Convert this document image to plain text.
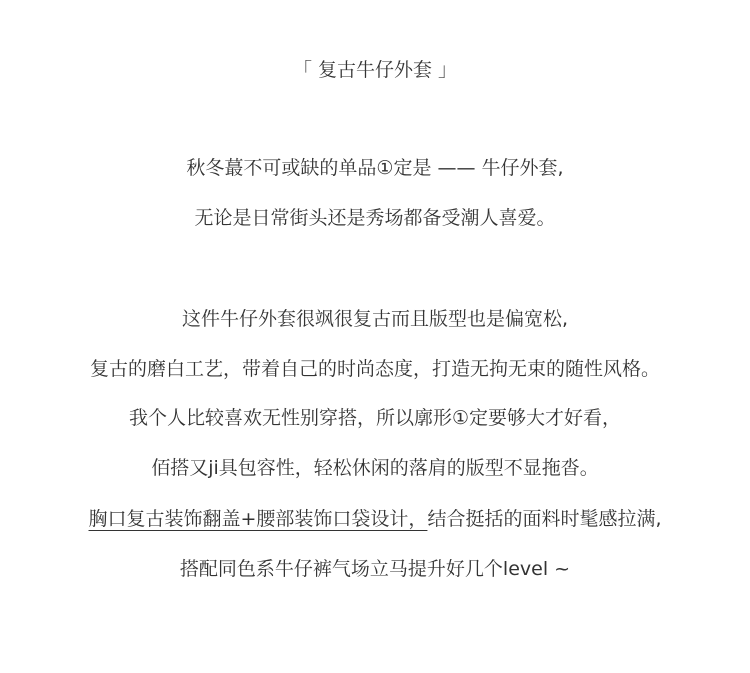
「 复古牛仔外套 」
秋冬蕞不可或缺的单品①定是 —— 牛仔外套,
无论是日常街头还是秀场都备受潮人喜爱。
这件牛仔外套很飒很复古而且版型也是偏宽松,
复古的磨白工艺，带着自己的时尚态度，打造无拘无束的随性风格。
我个人比较喜欢无性别穿搭，所以廓形①定要够大才好看，
佰搭又ji具包容性，轻松休闲的落肩的版型不显拖沓。
胸口复古装饰翻盖+腰部装饰口袋设计，结合挺括的面料时髦感拉满,
搭配同色系牛仔裤气场立马提升好几个level ~
